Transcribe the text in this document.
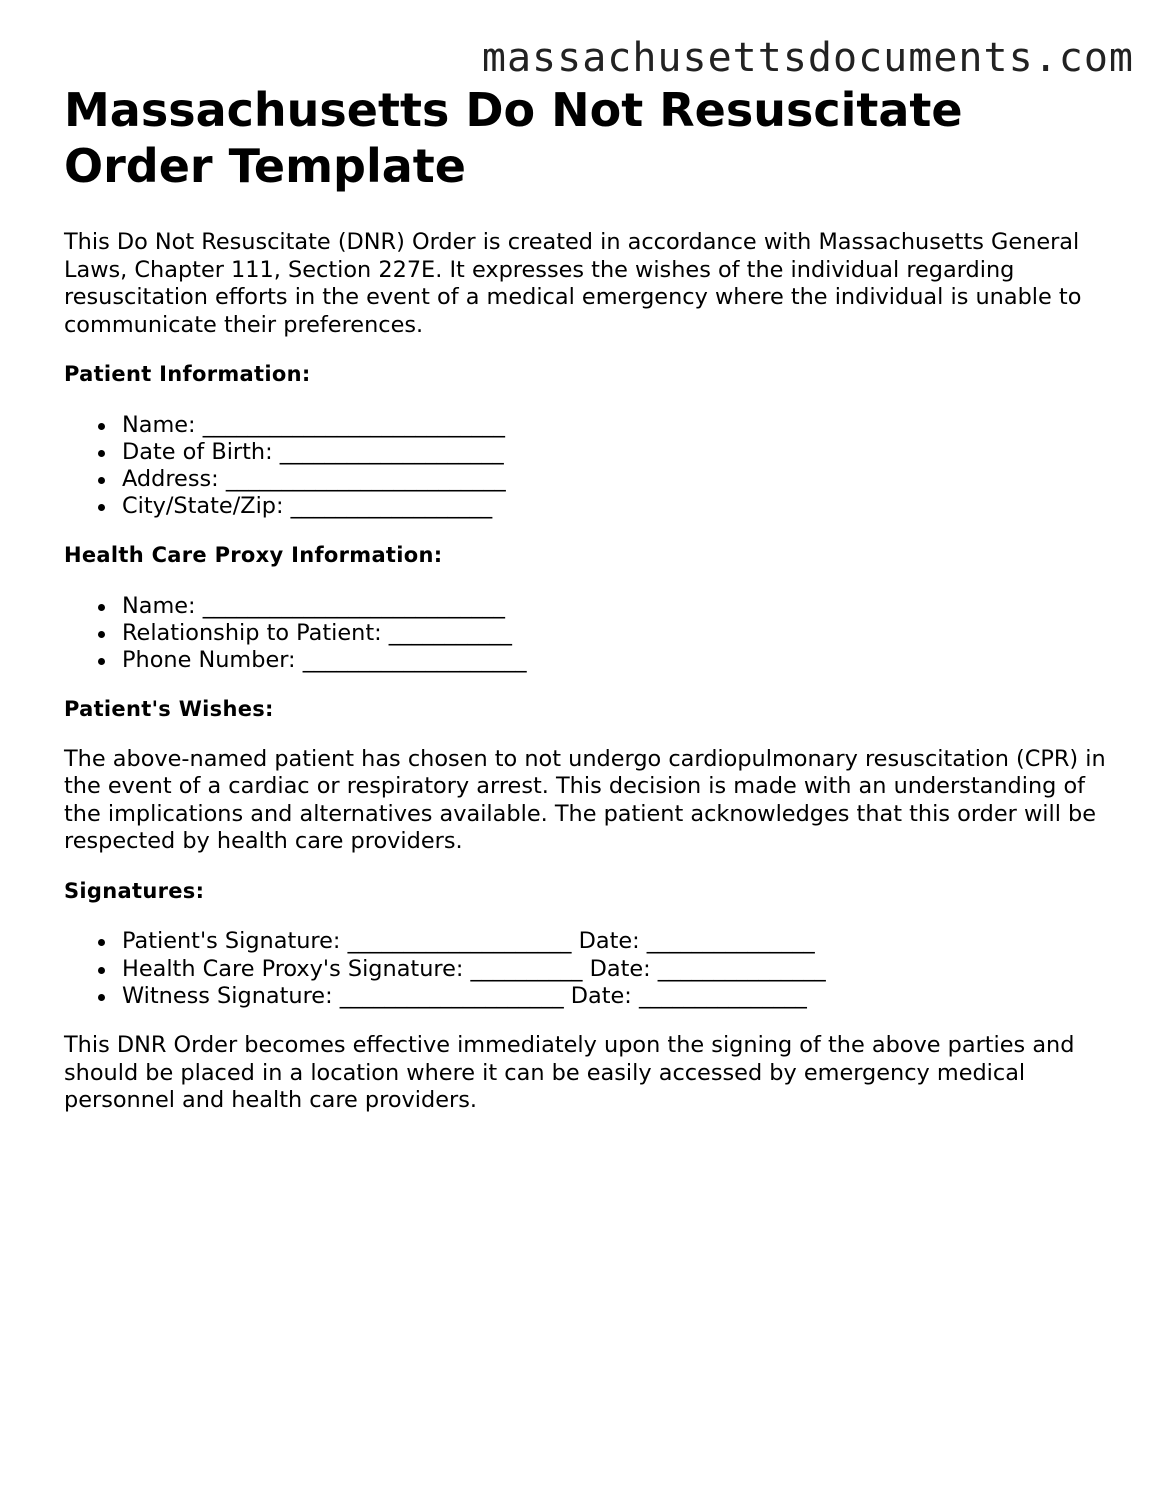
massachusettsdocuments.com
Massachusetts Do Not Resuscitate Order Template

This Do Not Resuscitate (DNR) Order is created in accordance with Massachusetts General Laws, Chapter 111, Section 227E. It expresses the wishes of the individual regarding resuscitation efforts in the event of a medical emergency where the individual is unable to communicate their preferences.

Patient Information:
Name: ___________________________
Date of Birth: ____________________
Address: _________________________
City/State/Zip: __________________
Health Care Proxy Information:
Name: ___________________________
Relationship to Patient: ___________
Phone Number: ____________________
Patient's Wishes:

The above-named patient has chosen to not undergo cardiopulmonary resuscitation (CPR) in the event of a cardiac or respiratory arrest. This decision is made with an understanding of the implications and alternatives available. The patient acknowledges that this order will be respected by health care providers.

Signatures:
Patient's Signature: ____________________ Date: _______________
Health Care Proxy's Signature: __________ Date: _______________
Witness Signature: ____________________ Date: _______________

This DNR Order becomes effective immediately upon the signing of the above parties and should be placed in a location where it can be easily accessed by emergency medical personnel and health care providers.
